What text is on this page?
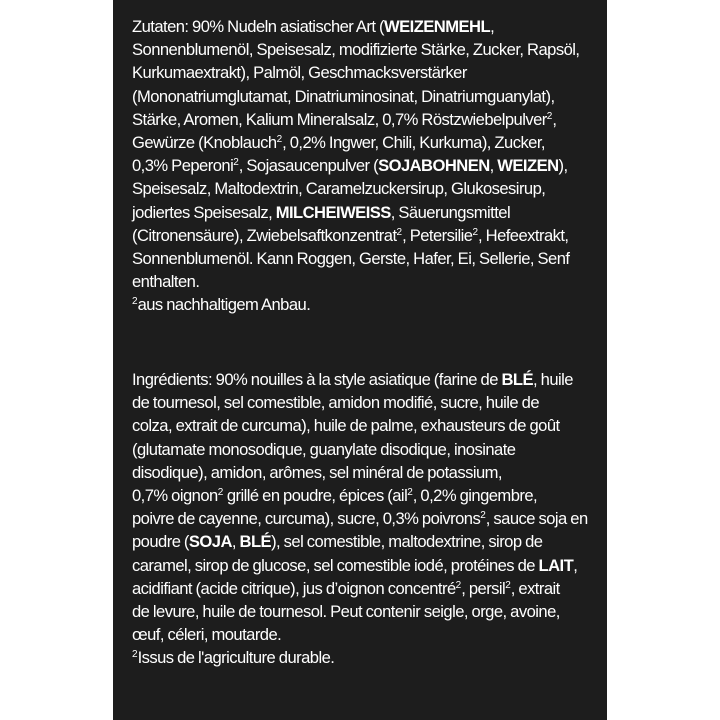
Zutaten: 90% Nudeln asiatischer Art (WEIZENMEHL,
Sonnenblumenöl, Speisesalz, modifizierte Stärke, Zucker, Rapsöl,
Kurkumaextrakt), Palmöl, Geschmacksverstärker
(Mononatriumglutamat, Dinatriuminosinat, Dinatriumguanylat),
Stärke, Aromen, Kalium Mineralsalz, 0,7% Röstzwiebelpulver$^2$,
Gewürze (Knoblauch$^2$, 0,2% Ingwer, Chili, Kurkuma), Zucker,
0,3% Peperoni$^2$, Sojasaucenpulver (SOJABOHNEN, WEIZEN),
Speisesalz, Maltodextrin, Caramelzuckersirup, Glukosesirup,
jodiertes Speisesalz, MILCHEIWEISS, Säuerungsmittel
(Citronensäure), Zwiebelsaftkonzentrat$^2$, Petersilie$^2$, Hefeextrakt,
Sonnenblumenöl. Kann Roggen, Gerste, Hafer, Ei, Sellerie, Senf
enthalten.
$^2$aus nachhaltigem Anbau.
Ingrédients: 90% nouilles à la style asiatique (farine de BLÉ, huile
de tournesol, sel comestible, amidon modifié, sucre, huile de
colza, extrait de curcuma), huile de palme, exhausteurs de goût
(glutamate monosodique, guanylate disodique, inosinate
disodique), amidon, arômes, sel minéral de potassium,
0,7% oignon$^2$ grillé en poudre, épices (ail$^2$, 0,2% gingembre,
poivre de cayenne, curcuma), sucre, 0,3% poivrons$^2$, sauce soja en
poudre (SOJA, BLÉ), sel comestible, maltodextrine, sirop de
caramel, sirop de glucose, sel comestible iodé, protéines de LAIT,
acidifiant (acide citrique), jus d’oignon concentré$^2$, persil$^2$, extrait
de levure, huile de tournesol. Peut contenir seigle, orge, avoine,
œuf, céleri, moutarde.
$^2$Issus de l'agriculture durable.
